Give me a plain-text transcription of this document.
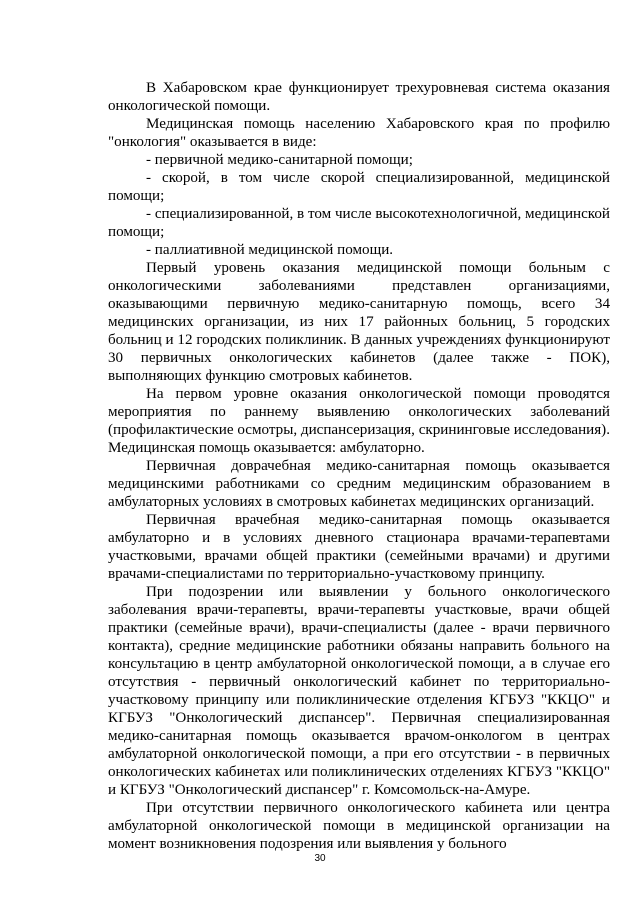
В Хабаровском крае функционирует трехуровневая система оказания онкологической помощи.

Медицинская помощь населению Хабаровского края по профилю "онкология" оказывается в виде:

- первичной медико-санитарной помощи;

- скорой, в том числе скорой специализированной, медицинской помощи;

- специализированной, в том числе высокотехнологичной, медицинской помощи;

- паллиативной медицинской помощи.

Первый уровень оказания медицинской помощи больным с онкологическими заболеваниями представлен организациями, оказывающими первичную медико-санитарную помощь, всего 34 медицинских организации, из них 17 районных больниц, 5 городских больниц и 12 городских поликлиник. В данных учреждениях функционируют 30 первичных онкологических кабинетов (далее также - ПОК), выполняющих функцию смотровых кабинетов.

На первом уровне оказания онкологической помощи проводятся мероприятия по раннему выявлению онкологических заболеваний (профилактические осмотры, диспансеризация, скрининговые исследования). Медицинская помощь оказывается: амбулаторно.

Первичная доврачебная медико-санитарная помощь оказывается медицинскими работниками со средним медицинским образованием в амбулаторных условиях в смотровых кабинетах медицинских организаций.

Первичная врачебная медико-санитарная помощь оказывается амбулаторно и в условиях дневного стационара врачами-терапевтами участковыми, врачами общей практики (семейными врачами) и другими врачами-специалистами по территориально-участковому принципу.

При подозрении или выявлении у больного онкологического заболевания врачи-терапевты, врачи-терапевты участковые, врачи общей практики (семейные врачи), врачи-специалисты (далее - врачи первичного контакта), средние медицинские работники обязаны направить больного на консультацию в центр амбулаторной онкологической помощи, а в случае его отсутствия - первичный онкологический кабинет по территориально-участковому принципу или поликлинические отделения КГБУЗ "ККЦО" и КГБУЗ "Онкологический диспансер". Первичная специализированная медико-санитарная помощь оказывается врачом-онкологом в центрах амбулаторной онкологической помощи, а при его отсутствии - в первичных онкологических кабинетах или поликлинических отделениях КГБУЗ "ККЦО" и КГБУЗ "Онкологический диспансер" г. Комсомольск-на-Амуре.

При отсутствии первичного онкологического кабинета или центра амбулаторной онкологической помощи в медицинской организации на момент возникновения подозрения или выявления у больного

30
